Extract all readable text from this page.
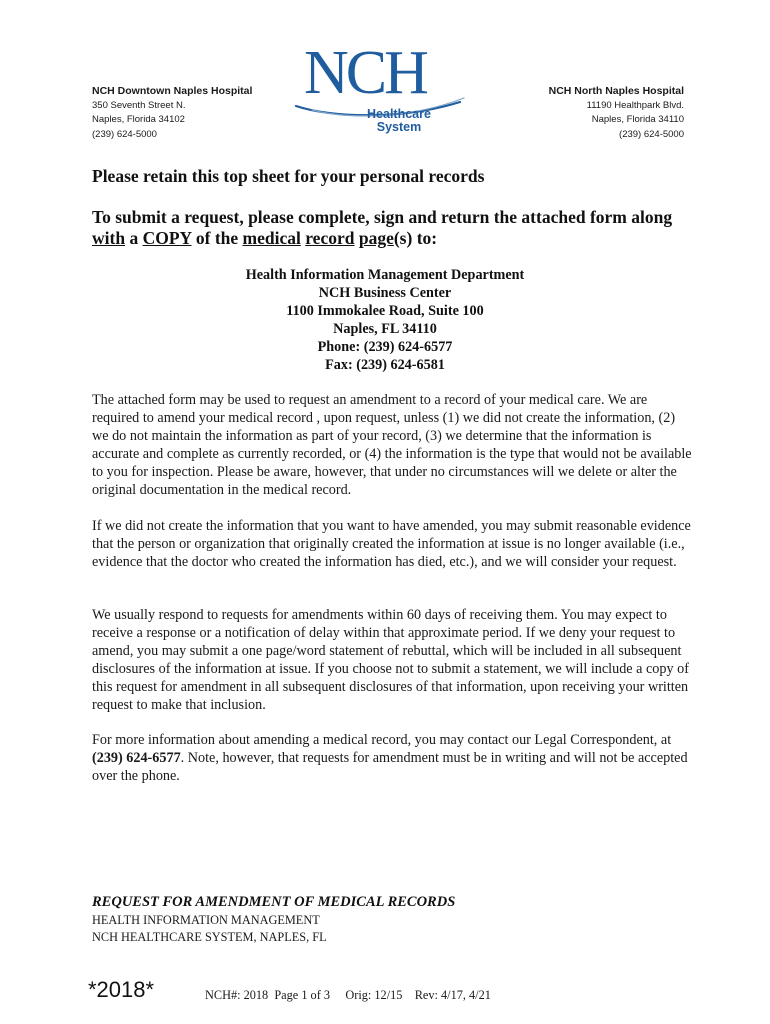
NCH Downtown Naples Hospital
350 Seventh Street N.
Naples, Florida 34102
(239) 624-5000
NCH
Healthcare
System
NCH North Naples Hospital
11190 Healthpark Blvd.
Naples, Florida 34110
(239) 624-5000
Please retain this top sheet for your personal records
To submit a request, please complete, sign and return the attached form along
with a COPY of the medical record page(s) to:
Health Information Management Department
NCH Business Center
1100 Immokalee Road, Suite 100
Naples, FL 34110
Phone: (239) 624-6577
Fax: (239) 624-6581

The attached form may be used to request an amendment to a record of your medical care. We are required to amend your medical record , upon request, unless (1) we did not create the information, (2) we do not maintain the information as part of your record, (3) we determine that the information is accurate and complete as currently recorded, or (4) the information is the type that would not be available to you for inspection. Please be aware, however, that under no circumstances will we delete or alter the original documentation in the medical record.

If we did not create the information that you want to have amended, you may submit reasonable evidence that the person or organization that originally created the information at issue is no longer available (i.e., evidence that the doctor who created the information has died, etc.), and we will consider your request.

We usually respond to requests for amendments within 60 days of receiving them. You may expect to receive a response or a notification of delay within that approximate period. If we deny your request to amend, you may submit a one page/word statement of rebuttal, which will be included in all subsequent disclosures of the information at issue. If you choose not to submit a statement, we will include a copy of this request for amendment in all subsequent disclosures of that information, upon receiving your written request to make that inclusion.

For more information about amending a medical record, you may contact our Legal Correspondent, at (239) 624-6577. Note, however, that requests for amendment must be in writing and will not be accepted over the phone.

REQUEST FOR AMENDMENT OF MEDICAL RECORDS
HEALTH INFORMATION MANAGEMENT
NCH HEALTHCARE SYSTEM, NAPLES, FL
*2018*	NCH#: 2018  Page 1 of 3     Orig: 12/15    Rev: 4/17, 4/21
